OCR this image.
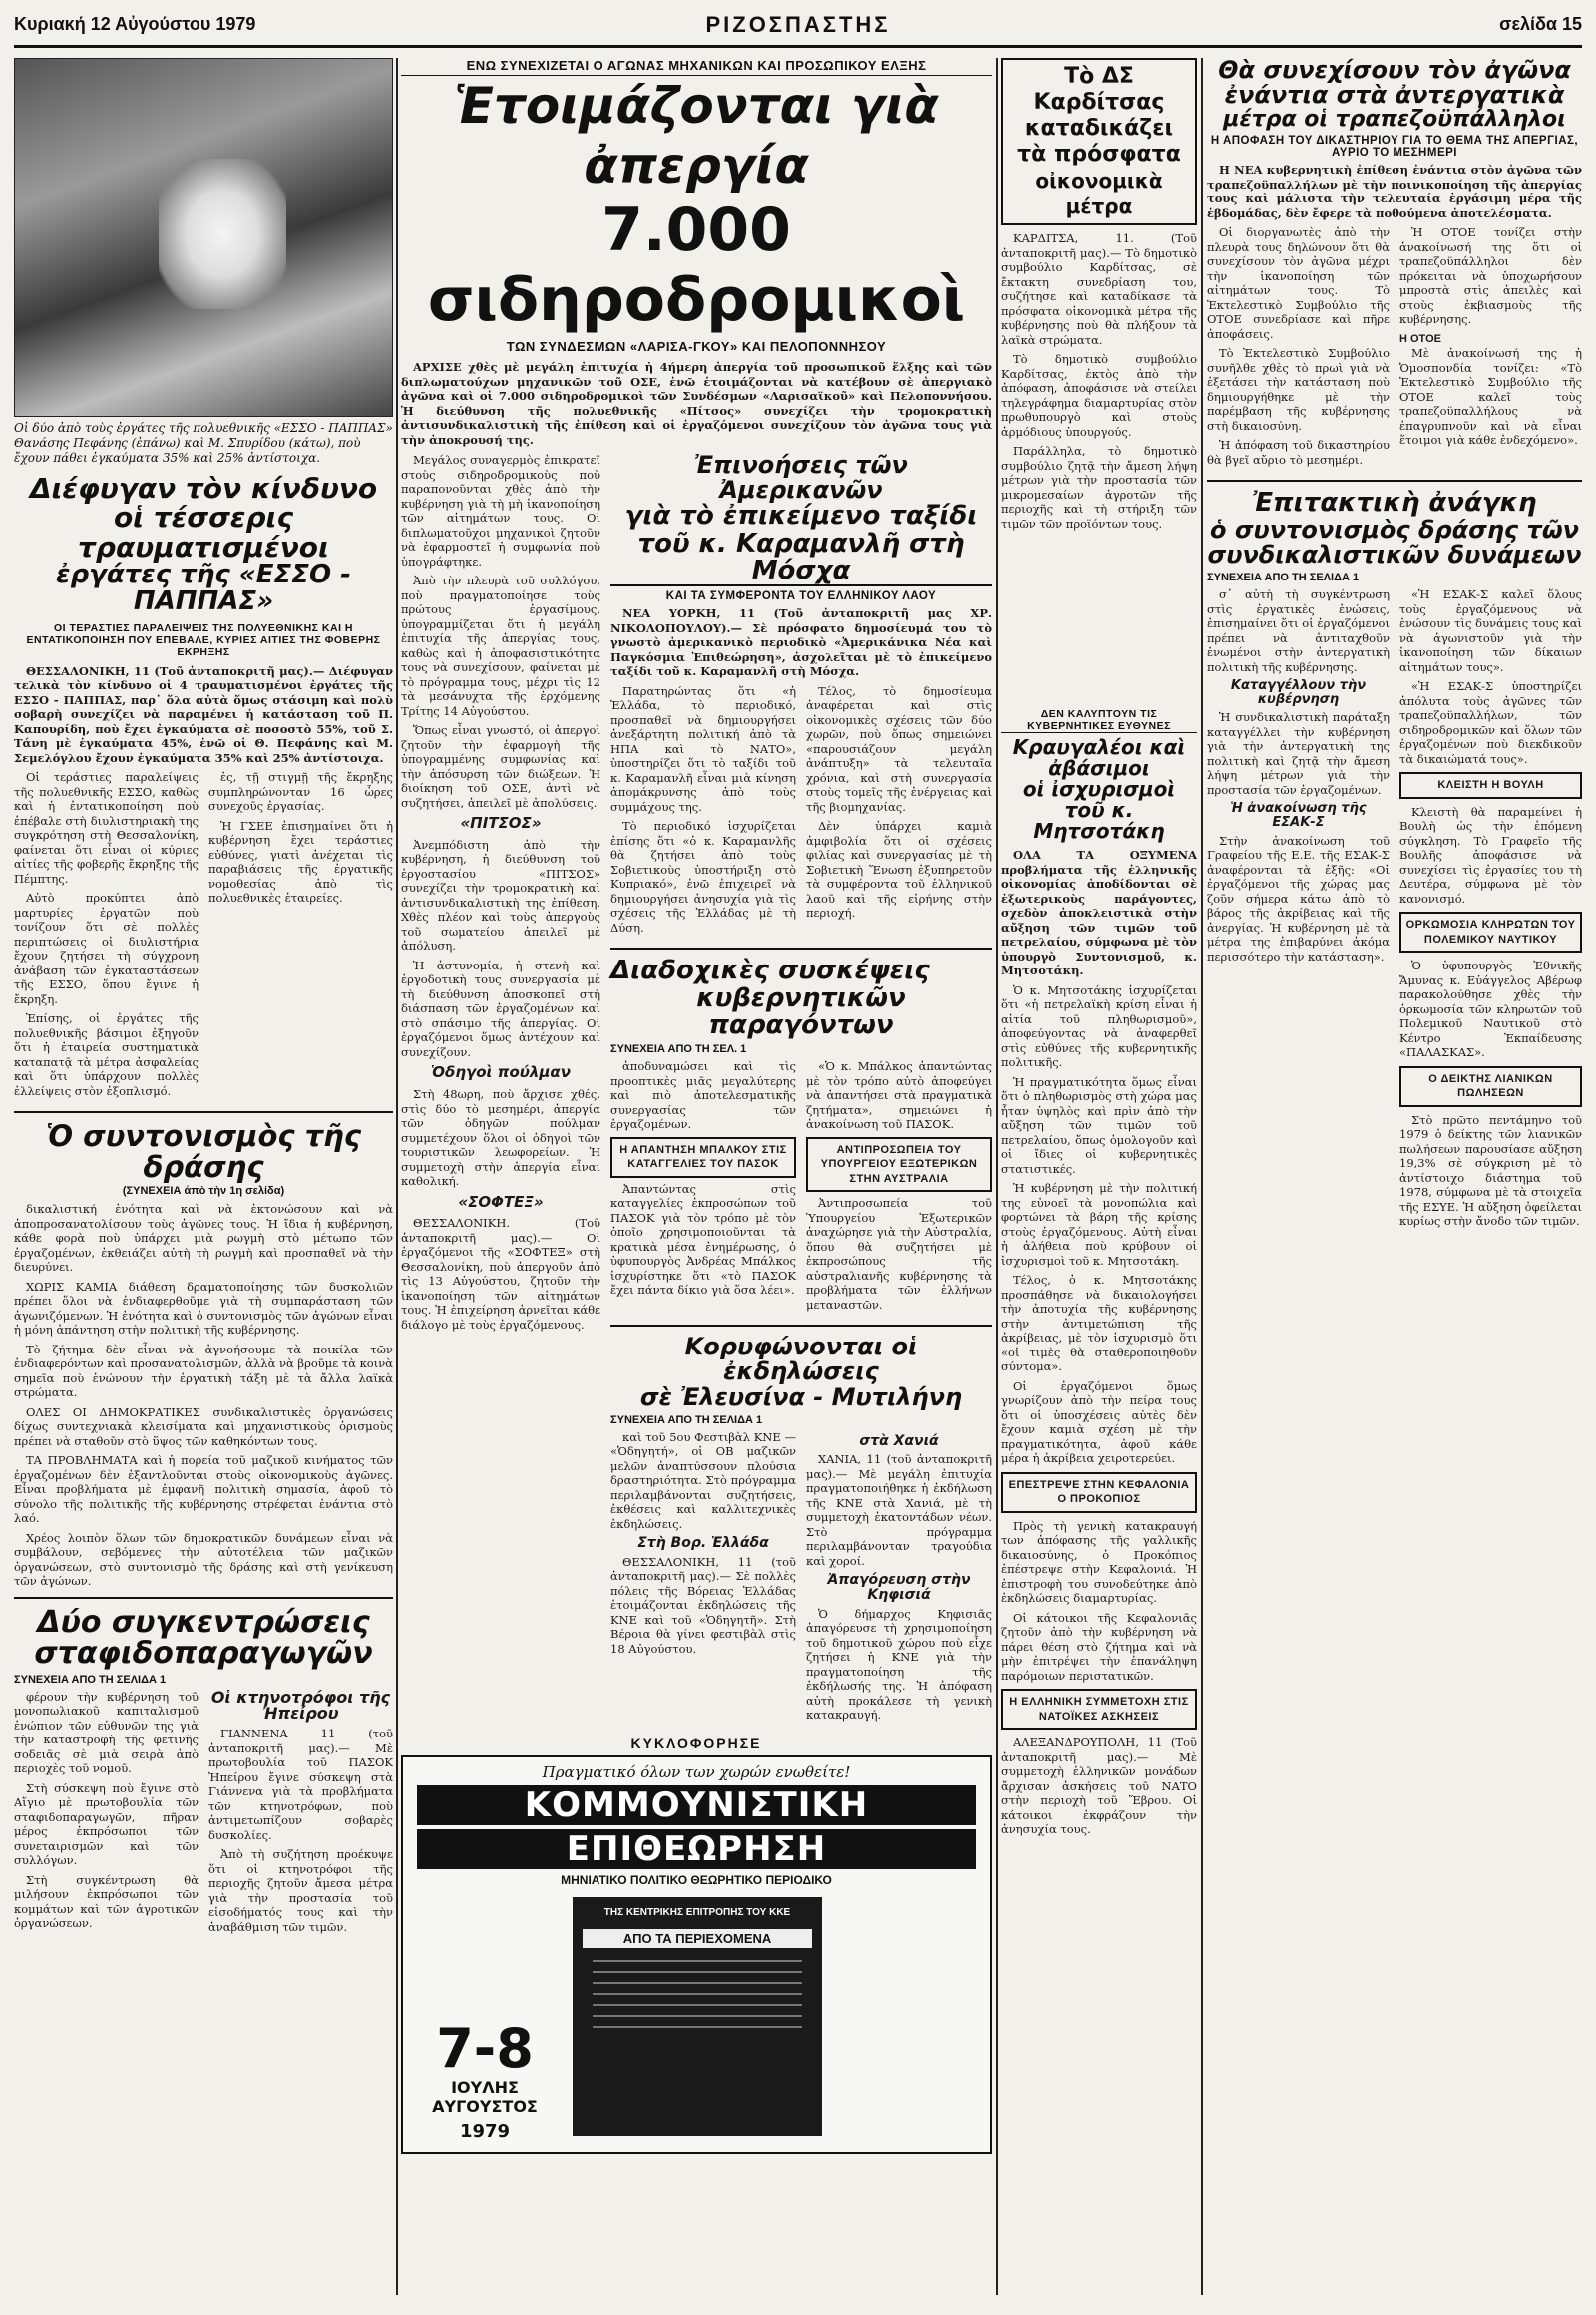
Κυριακή 12 Αὐγούστου 1979	ΡΙΖΟΣΠΑΣΤΗΣ	σελίδα 15
Οἱ δύο ἀπὸ τοὺς ἐργάτες τῆς πολυεθνικῆς «ΕΣΣΟ - ΠΑΠΠΑΣ» Θανάσης Πεφάνης (ἐπάνω) καὶ Μ. Σπυρίδου (κάτω), ποὺ ἔχουν πάθει ἐγκαύματα 35% καὶ 25% ἀντίστοιχα.
Διέφυγαν τὸν κίνδυνο
οἱ τέσσερις τραυματισμένοι
ἐργάτες τῆς «ΕΣΣΟ - ΠΑΠΠΑΣ»
ΟΙ ΤΕΡΑΣΤΙΕΣ ΠΑΡΑΛΕΙΨΕΙΣ ΤΗΣ ΠΟΛΥΕΘΝΙΚΗΣ ΚΑΙ Η ΕΝΤΑΤΙΚΟΠΟΙΗΣΗ ΠΟΥ ΕΠΕΒΑΛΕ, ΚΥΡΙΕΣ ΑΙΤΙΕΣ ΤΗΣ ΦΟΒΕΡΗΣ ΕΚΡΗΞΗΣ

ΘΕΣΣΑΛΟΝΙΚΗ, 11 (Τοῦ ἀνταποκριτῆ μας).— Διέφυγαν τελικὰ τὸν κίνδυνο οἱ 4 τραυματισμένοι ἐργάτες τῆς ΕΣΣΟ - ΠΑΠΠΑΣ, παρ᾽ ὅλα αὐτὰ ὅμως στάσιμη καὶ πολὺ σοβαρὴ συνεχίζει νὰ παραμένει ἡ κατάσταση τοῦ Π. Καπουρίδη, ποὺ ἔχει ἐγκαύματα σὲ ποσοστὸ 55%, τοῦ Σ. Τάνη μὲ ἐγκαύματα 45%, ἐνῶ οἱ Θ. Πεφάνης καὶ Μ. Σεμελόγλου ἔχουν ἐγκαύματα 35% καὶ 25% ἀντίστοιχα.

Οἱ τεράστιες παραλείψεις τῆς πολυεθνικῆς ΕΣΣΟ, καθὼς καὶ ἡ ἐντατικοποίηση ποὺ ἐπέβαλε στὴ διυλιστηριακὴ της συγκρότηση στὴ Θεσσαλονίκη, φαίνεται ὅτι εἶναι οἱ κύριες αἰτίες τῆς φοβερῆς ἔκρηξης τῆς Πέμπτης.

Αὐτὸ προκύπτει ἀπὸ μαρτυρίες ἐργατῶν ποὺ τονίζουν ὅτι σὲ πολλὲς περιπτώσεις οἱ διυλιστήρια ἔχουν ζητήσει τὴ σύγχρονη ἀνάβαση τῶν ἐγκαταστάσεων τῆς ΕΣΣΟ, ὅπου ἔγινε ἡ ἔκρηξη.

Ἐπίσης, οἱ ἐργάτες τῆς πολυεθνικῆς βάσιμοι ἐξηγοῦν ὅτι ἡ ἐταιρεία συστηματικὰ καταπατᾷ τὰ μέτρα ἀσφαλείας καὶ ὅτι ὑπάρχουν πολλὲς ἐλλείψεις στὸν ἐξοπλισμό.

ἐς, τῇ στιγμῇ τῆς ἔκρηξης συμπληρώνονταν 16 ὧρες συνεχοῦς ἐργασίας.

Ἡ ΓΣΕΕ ἐπισημαίνει ὅτι ἡ κυβέρνηση ἔχει τεράστιες εὐθύνες, γιατὶ ἀνέχεται τὶς παραβιάσεις τῆς ἐργατικῆς νομοθεσίας ἀπὸ τὶς πολυεθνικὲς ἑταιρείες.

Ὁ συντονισμὸς τῆς δράσης
(ΣΥΝΕΧΕΙΑ ἀπὸ τὴν 1η σελίδα)

δικαλιστική ἑνότητα καὶ νὰ ἐκτονώσουν καὶ νὰ ἀποπροσανατολίσουν τοὺς ἀγῶνες τους. Ἡ ἴδια ἡ κυβέρνηση, κάθε φορὰ ποὺ ὑπάρχει μιὰ ρωγμὴ στὸ μέτωπο τῶν ἐργαζομένων, ἐκθειάζει αὐτὴ τὴ ρωγμὴ καὶ προσπαθεῖ νὰ τὴν διευρύνει.

ΧΩΡΙΣ ΚΑΜΙΑ διάθεση δραματοποίησης τῶν δυσκολιῶν πρέπει ὅλοι νὰ ἐνδιαφερθοῦμε γιὰ τὴ συμπαράσταση τῶν ἀγωνιζόμενων. Ἡ ἐνότητα καὶ ὁ συντονισμὸς τῶν ἀγώνων εἶναι ἡ μόνη ἀπάντηση στὴν πολιτικὴ τῆς κυβέρνησης.

Τὸ ζήτημα δὲν εἶναι νὰ ἀγνοήσουμε τὰ ποικίλα τῶν ἐνδιαφερόντων καὶ προσανατολισμῶν, ἀλλὰ νὰ βροῦμε τὰ κοινὰ σημεῖα ποὺ ἑνώνουν τὴν ἐργατικὴ τάξη μὲ τὰ ἄλλα λαϊκὰ στρώματα.

ΟΛΕΣ ΟΙ ΔΗΜΟΚΡΑΤΙΚΕΣ συνδικαλιστικὲς ὀργανώσεις δίχως συντεχνιακὰ κλεισίματα καὶ μηχανιστικοὺς ὁρισμοὺς πρέπει νὰ σταθοῦν στὸ ὕψος τῶν καθηκόντων τους.

ΤΑ ΠΡΟΒΛΗΜΑΤΑ καὶ ἡ πορεία τοῦ μαζικοῦ κινήματος τῶν ἐργαζομένων δὲν ἐξαντλοῦνται στοὺς οἰκονομικοὺς ἀγῶνες. Εἶναι προβλήματα μὲ ἐμφανῆ πολιτικὴ σημασία, ἀφοῦ τὸ σύνολο τῆς πολιτικῆς τῆς κυβέρνησης στρέφεται ἐνάντια στὸ λαό.

Χρέος λοιπὸν ὅλων τῶν δημοκρατικῶν δυνάμεων εἶναι νὰ συμβάλουν, σεβόμενες τὴν αὐτοτέλεια τῶν μαζικῶν ὀργανώσεων, στὸ συντονισμὸ τῆς δράσης καὶ στὴ γενίκευση τῶν ἀγώνων.

Δύο συγκεντρώσεις
σταφιδοπαραγωγῶν
ΣΥΝΕΧΕΙΑ ΑΠΟ ΤΗ ΣΕΛΙΔΑ 1

φέρουν τὴν κυβέρνηση τοῦ μονοπωλιακοῦ καπιταλισμοῦ ἐνώπιον τῶν εὐθυνῶν της γιὰ τὴν καταστροφὴ τῆς φετινῆς σοδειᾶς σὲ μιὰ σειρὰ ἀπὸ περιοχὲς τοῦ νομοῦ.

Στὴ σύσκεψη ποὺ ἔγινε στὸ Αἴγιο μὲ πρωτοβουλία τῶν σταφιδοπαραγωγῶν, πῆραν μέρος ἐκπρόσωποι τῶν συνεταιρισμῶν καὶ τῶν συλλόγων.

Στὴ συγκέντρωση θὰ μιλήσουν ἐκπρόσωποι τῶν κομμάτων καὶ τῶν ἀγροτικῶν ὀργανώσεων.

Οἱ κτηνοτρόφοι τῆς Ἠπείρου

ΓΙΑΝΝΕΝΑ 11 (τοῦ ἀνταποκριτῆ μας).— Μὲ πρωτοβουλία τοῦ ΠΑΣΟΚ Ἠπείρου ἔγινε σύσκεψη στὰ Γιάννενα γιὰ τὰ προβλήματα τῶν κτηνοτρόφων, ποὺ ἀντιμετωπίζουν σοβαρὲς δυσκολίες.

Ἀπὸ τὴ συζήτηση προέκυψε ὅτι οἱ κτηνοτρόφοι τῆς περιοχῆς ζητοῦν ἄμεσα μέτρα γιὰ τὴν προστασία τοῦ εἰσοδήματός τους καὶ τὴν ἀναβάθμιση τῶν τιμῶν.

ΕΝΩ ΣΥΝΕΧΙΖΕΤΑΙ Ο ΑΓΩΝΑΣ ΜΗΧΑΝΙΚΩΝ ΚΑΙ ΠΡΟΣΩΠΙΚΟΥ ΕΛΞΗΣ
Ἑτοιμάζονται γιὰ ἀπεργία
7.000 σιδηροδρομικοὶ
ΤΩΝ ΣΥΝΔΕΣΜΩΝ «ΛΑΡΙΣΑ-ΓΚΟΥ» ΚΑΙ ΠΕΛΟΠΟΝΝΗΣΟΥ

ΑΡΧΙΣΕ χθὲς μὲ μεγάλη ἐπιτυχία ἡ 4ήμερη ἀπεργία τοῦ προσωπικοῦ ἕλξης καὶ τῶν διπλωματούχων μηχανικῶν τοῦ ΟΣΕ, ἐνῶ ἑτοιμάζονται νὰ κατέβουν σὲ ἀπεργιακὸ ἀγῶνα καὶ οἱ 7.000 σιδηροδρομικοὶ τῶν Συνδέσμων «Λαρισαϊκοῦ» καὶ Πελοποννήσου. Ἡ διεύθυνση τῆς πολυεθνικῆς «Πίτσος» συνεχίζει τὴν τρομοκρατικὴ ἀντισυνδικαλιστικὴ τῆς ἐπίθεση καὶ οἱ ἐργαζόμενοι συνεχίζουν τὸν ἀγῶνα τους γιὰ τὴν ἀποκρουσή της.

Μεγάλος συναγερμὸς ἐπικρατεῖ στοὺς σιδηροδρομικοὺς ποὺ παραπονοῦνται χθὲς ἀπὸ τὴν κυβέρνηση γιὰ τὴ μὴ ἱκανοποίηση τῶν αἰτημάτων τους. Οἱ διπλωματοῦχοι μηχανικοὶ ζητοῦν νὰ ἐφαρμοστεῖ ἡ συμφωνία ποὺ ὑπογράφτηκε.

Ἀπὸ τὴν πλευρὰ τοῦ συλλόγου, ποὺ πραγματοποίησε τοὺς πρώτους ἐργασίμους, ὑπογραμμίζεται ὅτι ἡ μεγάλη ἐπιτυχία τῆς ἀπεργίας τους, καθὼς καὶ ἡ ἀποφασιστικότητα τους νὰ συνεχίσουν, φαίνεται μὲ τὸ πρόγραμμα τους, μέχρι τὶς 12 τὰ μεσάνυχτα τῆς ἐρχόμενης Τρίτης 14 Αὐγούστου.

Ὅπως εἶναι γνωστό, οἱ ἀπεργοὶ ζητοῦν τὴν ἐφαρμογὴ τῆς ὑπογραμμένης συμφωνίας καὶ τὴν ἀπόσυρση τῶν διώξεων. Ἡ διοίκηση τοῦ ΟΣΕ, ἀντὶ νὰ συζητήσει, ἀπειλεῖ μὲ ἀπολύσεις.

«ΠΙΤΣΟΣ»

Ἀνεμπόδιστη ἀπὸ τὴν κυβέρνηση, ἡ διεύθυνση τοῦ ἐργοστασίου «ΠΙΤΣΟΣ» συνεχίζει τὴν τρομοκρατικὴ καὶ ἀντισυνδικαλιστικὴ της ἐπίθεση. Χθὲς πλέον καὶ τοὺς ἀπεργοὺς τοῦ σωματείου ἀπειλεῖ μὲ ἀπόλυση.

Ἡ ἀστυνομία, ἡ στενὴ καὶ ἐργοδοτικὴ τους συνεργασία μὲ τὴ διεύθυνση ἀποσκοπεῖ στὴ διάσπαση τῶν ἐργαζομένων καὶ στὸ σπάσιμο τῆς ἀπεργίας. Οἱ ἐργαζόμενοι ὅμως ἀντέχουν καὶ συνεχίζουν.

Ὁδηγοὶ πούλμαν

Στὴ 48ωρη, ποὺ ἄρχισε χθές, στὶς δύο τὸ μεσημέρι, ἀπεργία τῶν ὁδηγῶν πούλμαν συμμετέχουν ὅλοι οἱ ὁδηγοὶ τῶν τουριστικῶν λεωφορείων. Ἡ συμμετοχὴ στὴν ἀπεργία εἶναι καθολική.

«ΣΟΦΤΕΞ»

ΘΕΣΣΑΛΟΝΙΚΗ. (Τοῦ ἀνταποκριτῆ μας).— Οἱ ἐργαζόμενοι τῆς «ΣΟΦΤΕΞ» στὴ Θεσσαλονίκη, ποὺ ἀπεργοῦν ἀπὸ τὶς 13 Αὐγούστου, ζητοῦν τὴν ἱκανοποίηση τῶν αἰτημάτων τους. Ἡ ἐπιχείρηση ἀρνεῖται κάθε διάλογο μὲ τοὺς ἐργαζόμενους.

Ἐπινοήσεις τῶν Ἀμερικανῶν
γιὰ τὸ ἐπικείμενο ταξίδι
τοῦ κ. Καραμανλῆ στὴ Μόσχα
ΚΑΙ ΤΑ ΣΥΜΦΕΡΟΝΤΑ ΤΟΥ ΕΛΛΗΝΙΚΟΥ ΛΑΟΥ

ΝΕΑ ΥΟΡΚΗ, 11 (Τοῦ ἀνταποκριτῆ μας ΧΡ. ΝΙΚΟΛΟΠΟΥΛΟΥ).— Σὲ πρόσφατο δημοσίευμά του τὸ γνωστὸ ἀμερικανικὸ περιοδικὸ «Ἀμερικάνικα Νέα καὶ Παγκόσμια Ἐπιθεώρηση», ἀσχολεῖται μὲ τὸ ἐπικείμενο ταξίδι τοῦ κ. Καραμανλῆ στὴ Μόσχα.

Παρατηρώντας ὅτι «ἡ Ἑλλάδα, τὸ περιοδικό, προσπαθεῖ νὰ δημιουργήσει ἀνεξάρτητη πολιτική ἀπὸ τὰ ΗΠΑ καὶ τὸ ΝΑΤΟ», ὑποστηρίζει ὅτι τὸ ταξίδι τοῦ κ. Καραμανλῆ εἶναι μιὰ κίνηση ἀπομάκρυνσης ἀπὸ τοὺς συμμάχους της.

Τὸ περιοδικό ἰσχυρίζεται ἐπίσης ὅτι «ὁ κ. Καραμανλῆς θὰ ζητήσει ἀπὸ τοὺς Σοβιετικοὺς ὑποστήριξη στὸ Κυπριακό», ἐνῶ ἐπιχειρεῖ νὰ δημιουργήσει ἀνησυχία γιὰ τὶς σχέσεις τῆς Ἑλλάδας μὲ τὴ Δύση.

Τέλος, τὸ δημοσίευμα ἀναφέρεται καὶ στὶς οἰκονομικὲς σχέσεις τῶν δύο χωρῶν, ποὺ ὅπως σημειώνει «παρουσιάζουν μεγάλη ἀνάπτυξη» τὰ τελευταῖα χρόνια, καὶ στὴ συνεργασία στοὺς τομεῖς τῆς ἐνέργειας καὶ τῆς βιομηχανίας.

Δὲν ὑπάρχει καμιὰ ἀμφιβολία ὅτι οἱ σχέσεις φιλίας καὶ συνεργασίας μὲ τὴ Σοβιετικὴ Ἕνωση ἐξυπηρετοῦν τὰ συμφέροντα τοῦ ἑλληνικοῦ λαοῦ καὶ τῆς εἰρήνης στὴν περιοχή.

Διαδοχικὲς συσκέψεις
κυβερνητικῶν παραγόντων
ΣΥΝΕΧΕΙΑ ΑΠΟ ΤΗ ΣΕΛ. 1

ἀποδυναμώσει καὶ τὶς προοπτικὲς μιᾶς μεγαλύτερης καὶ πιὸ ἀποτελεσματικῆς συνεργασίας τῶν ἐργαζομένων.

Η ΑΠΑΝΤΗΣΗ ΜΠΑΛΚΟΥ ΣΤΙΣ ΚΑΤΑΓΓΕΛΙΕΣ ΤΟΥ ΠΑΣΟΚ

Ἀπαντώντας στὶς καταγγελίες ἐκπροσώπων τοῦ ΠΑΣΟΚ γιὰ τὸν τρόπο μὲ τὸν ὁποῖο χρησιμοποιοῦνται τὰ κρατικὰ μέσα ἐνημέρωσης, ὁ ὑφυπουργὸς Ἀνδρέας Μπάλκος ἰσχυρίστηκε ὅτι «τὸ ΠΑΣΟΚ ἔχει πάντα δίκιο γιὰ ὅσα λέει».

«Ὁ κ. Μπάλκος ἀπαντώντας μὲ τὸν τρόπο αὐτὸ ἀποφεύγει νὰ ἀπαντήσει στὰ πραγματικὰ ζητήματα», σημειώνει ἡ ἀνακοίνωση τοῦ ΠΑΣΟΚ.

ΑΝΤΙΠΡΟΣΩΠΕΙΑ ΤΟΥ ΥΠΟΥΡΓΕΙΟΥ ΕΞΩΤΕΡΙΚΩΝ ΣΤΗΝ ΑΥΣΤΡΑΛΙΑ

Ἀντιπροσωπεία τοῦ Ὑπουργείου Ἐξωτερικῶν ἀναχώρησε γιὰ τὴν Αὐστραλία, ὅπου θὰ συζητήσει μὲ ἐκπροσώπους τῆς αὐστραλιανῆς κυβέρνησης τὰ προβλήματα τῶν ἑλλήνων μεταναστῶν.

Κορυφώνονται οἱ ἐκδηλώσεις
σὲ Ἐλευσίνα - Μυτιλήνη
ΣΥΝΕΧΕΙΑ ΑΠΟ ΤΗ ΣΕΛΙΔΑ 1

καὶ τοῦ 5ου Φεστιβὰλ ΚΝΕ — «Ὁδηγητή», οἱ ΟΒ μαζικῶν μελῶν ἀναπτύσσουν πλούσια δραστηριότητα. Στὸ πρόγραμμα περιλαμβάνονται συζητήσεις, ἐκθέσεις καὶ καλλιτεχνικὲς ἐκδηλώσεις.

Στὴ Βορ. Ἑλλάδα

ΘΕΣΣΑΛΟΝΙΚΗ, 11 (τοῦ ἀνταποκριτῆ μας).— Σὲ πολλὲς πόλεις τῆς Βόρειας Ἑλλάδας ἑτοιμάζονται ἐκδηλώσεις τῆς ΚΝΕ καὶ τοῦ «Ὁδηγητῆ». Στὴ Βέροια θὰ γίνει φεστιβὰλ στὶς 18 Αὐγούστου.

στὰ Χανιά

ΧΑΝΙΑ, 11 (τοῦ ἀνταποκριτῆ μας).— Μὲ μεγάλη ἐπιτυχία πραγματοποιήθηκε ἡ ἐκδήλωση τῆς ΚΝΕ στὰ Χανιά, μὲ τὴ συμμετοχὴ ἑκατοντάδων νέων. Στὸ πρόγραμμα περιλαμβάνονταν τραγούδια καὶ χοροί.

Ἀπαγόρευση στὴν Κηφισιά

Ὁ δήμαρχος Κηφισιᾶς ἀπαγόρευσε τὴ χρησιμοποίηση τοῦ δημοτικοῦ χώρου ποὺ εἶχε ζητήσει ἡ ΚΝΕ γιὰ τὴν πραγματοποίηση τῆς ἐκδήλωσής της. Ἡ ἀπόφαση αὐτὴ προκάλεσε τὴ γενικὴ κατακραυγή.

ΚΥΚΛΟΦΟΡΗΣΕ
Πραγματικό όλων των χωρών ενωθείτε!
ΚΟΜΜΟΥΝΙΣΤΙΚΗ
ΕΠΙΘΕΩΡΗΣΗ
ΜΗΝΙΑΤΙΚΟ ΠΟΛΙΤΙΚΟ ΘΕΩΡΗΤΙΚΟ ΠΕΡΙΟΔΙΚΟ
ΤΗΣ ΚΕΝΤΡΙΚΗΣ ΕΠΙΤΡΟΠΗΣ ΤΟΥ ΚΚΕ
ΑΠΟ ΤΑ ΠΕΡΙΕΧΟΜΕΝΑ
7-8
ΙΟΥΛΗΣ ΑΥΓΟΥΣΤΟΣ
1979
Τὸ ΔΣ Καρδίτσας
καταδικάζει
τὰ πρόσφατα
οἰκονομικὰ μέτρα

ΚΑΡΔΙΤΣΑ, 11. (Τοῦ ἀνταποκριτῆ μας).— Τὸ δημοτικὸ συμβούλιο Καρδίτσας, σὲ ἔκτακτη συνεδρίαση του, συζήτησε καὶ καταδίκασε τὰ πρόσφατα οἰκονομικὰ μέτρα τῆς κυβέρνησης ποὺ θὰ πλήξουν τὰ λαϊκὰ στρώματα.

Τὸ δημοτικὸ συμβούλιο Καρδίτσας, ἐκτὸς ἀπὸ τὴν ἀπόφαση, ἀποφάσισε νὰ στείλει τηλεγράφημα διαμαρτυρίας στὸν πρωθυπουργὸ καὶ στοὺς ἁρμόδιους ὑπουργούς.

Παράλληλα, τὸ δημοτικὸ συμβούλιο ζητᾷ τὴν ἄμεση λήψη μέτρων γιὰ τὴν προστασία τῶν μικρομεσαίων ἀγροτῶν τῆς περιοχῆς καὶ τὴ στήριξη τῶν τιμῶν τῶν προϊόντων τους.

ΔΕΝ ΚΑΛΥΠΤΟΥΝ ΤΙΣ ΚΥΒΕΡΝΗΤΙΚΕΣ ΕΥΘΥΝΕΣ
Κραυγαλέοι καὶ ἀβάσιμοι
οἱ ἰσχυρισμοὶ τοῦ κ. Μητσοτάκη

ΟΛΑ ΤΑ ΟΞΥΜΕΝΑ προβλήματα τῆς ἑλληνικῆς οἰκονομίας ἀποδίδονται σὲ ἐξωτερικοὺς παράγοντες, σχεδὸν ἀποκλειστικὰ στὴν αὔξηση τῶν τιμῶν τοῦ πετρελαίου, σύμφωνα μὲ τὸν ὑπουργὸ Συντονισμοῦ, κ. Μητσοτάκη.

Ὁ κ. Μητσοτάκης ἰσχυρίζεται ὅτι «ἡ πετρελαϊκὴ κρίση εἶναι ἡ αἰτία τοῦ πληθωρισμοῦ», ἀποφεύγοντας νὰ ἀναφερθεῖ στὶς εὐθύνες τῆς κυβερνητικῆς πολιτικῆς.

Ἡ πραγματικότητα ὅμως εἶναι ὅτι ὁ πληθωρισμὸς στὴ χώρα μας ἦταν ὑψηλὸς καὶ πρὶν ἀπὸ τὴν αὔξηση τῶν τιμῶν τοῦ πετρελαίου, ὅπως ὁμολογοῦν καὶ οἱ ἴδιες οἱ κυβερνητικὲς στατιστικές.

Ἡ κυβέρνηση μὲ τὴν πολιτική της εὐνοεῖ τὰ μονοπώλια καὶ φορτώνει τὰ βάρη τῆς κρίσης στοὺς ἐργαζόμενους. Αὐτὴ εἶναι ἡ ἀλήθεια ποὺ κρύβουν οἱ ἰσχυρισμοὶ τοῦ κ. Μητσοτάκη.

Τέλος, ὁ κ. Μητσοτάκης προσπάθησε νὰ δικαιολογήσει τὴν ἀποτυχία τῆς κυβέρνησης στὴν ἀντιμετώπιση τῆς ἀκρίβειας, μὲ τὸν ἰσχυρισμὸ ὅτι «οἱ τιμὲς θὰ σταθεροποιηθοῦν σύντομα».

Οἱ ἐργαζόμενοι ὅμως γνωρίζουν ἀπὸ τὴν πείρα τους ὅτι οἱ ὑποσχέσεις αὐτὲς δὲν ἔχουν καμιὰ σχέση μὲ τὴν πραγματικότητα, ἀφοῦ κάθε μέρα ἡ ἀκρίβεια χειροτερεύει.

ΕΠΕΣΤΡΕΨΕ ΣΤΗΝ ΚΕΦΑΛΟΝΙΑ Ο ΠΡΟΚΟΠΙΟΣ

Πρὸς τὴ γενικὴ κατακραυγή των ἀπόφασης τῆς γαλλικῆς δικαιοσύνης, ὁ Προκόπιος ἐπέστρεψε στὴν Κεφαλονιά. Ἡ ἐπιστροφὴ του συνοδεύτηκε ἀπὸ ἐκδηλώσεις διαμαρτυρίας.

Οἱ κάτοικοι τῆς Κεφαλονιᾶς ζητοῦν ἀπὸ τὴν κυβέρνηση νὰ πάρει θέση στὸ ζήτημα καὶ νὰ μὴν ἐπιτρέψει τὴν ἐπανάληψη παρόμοιων περιστατικῶν.

Η ΕΛΛΗΝΙΚΗ ΣΥΜΜΕΤΟΧΗ ΣΤΙΣ ΝΑΤΟΪΚΕΣ ΑΣΚΗΣΕΙΣ

ΑΛΕΞΑΝΔΡΟΥΠΟΛΗ, 11 (Τοῦ ἀνταποκριτῆ μας).— Μὲ συμμετοχὴ ἑλληνικῶν μονάδων ἄρχισαν ἀσκήσεις τοῦ ΝΑΤΟ στὴν περιοχὴ τοῦ Ἕβρου. Οἱ κάτοικοι ἐκφράζουν τὴν ἀνησυχία τους.

Θὰ συνεχίσουν τὸν ἀγῶνα
ἐνάντια στὰ ἀντεργατικὰ
μέτρα οἱ τραπεζοϋπάλληλοι
Η ΑΠΟΦΑΣΗ ΤΟΥ ΔΙΚΑΣΤΗΡΙΟΥ ΓΙΑ ΤΟ ΘΕΜΑ ΤΗΣ ΑΠΕΡΓΙΑΣ, ΑΥΡΙΟ ΤΟ ΜΕΣΗΜΕΡΙ

Η ΝΕΑ κυβερνητικὴ ἐπίθεση ἐνάντια στὸν ἀγῶνα τῶν τραπεζοϋπαλλήλων μὲ τὴν ποινικοποίηση τῆς ἀπεργίας τους καὶ μάλιστα τὴν τελευταία ἐργάσιμη μέρα τῆς ἑβδομάδας, δὲν ἔφερε τὰ ποθούμενα ἀποτελέσματα.

Οἱ διοργανωτὲς ἀπὸ τὴν πλευρὰ τους δηλώνουν ὅτι θὰ συνεχίσουν τὸν ἀγῶνα μέχρι τὴν ἱκανοποίηση τῶν αἰτημάτων τους. Τὸ Ἐκτελεστικὸ Συμβούλιο τῆς ΟΤΟΕ συνεδρίασε καὶ πῆρε ἀποφάσεις.

Τὸ Ἐκτελεστικὸ Συμβούλιο συνῆλθε χθὲς τὸ πρωὶ γιὰ νὰ ἐξετάσει τὴν κατάσταση ποὺ δημιουργήθηκε μὲ τὴν παρέμβαση τῆς κυβέρνησης στὴ δικαιοσύνη.

Ἡ ἀπόφαση τοῦ δικαστηρίου θὰ βγεῖ αὔριο τὸ μεσημέρι.

Ἡ ΟΤΟΕ τονίζει στὴν ἀνακοίνωσή της ὅτι οἱ τραπεζοϋπάλληλοι δὲν πρόκειται νὰ ὑποχωρήσουν μπροστὰ στὶς ἀπειλὲς καὶ στοὺς ἐκβιασμοὺς τῆς κυβέρνησης.

Η ΟΤΟΕ

Μὲ ἀνακοίνωσή της ἡ Ὁμοσπονδία τονίζει: «Τὸ Ἐκτελεστικὸ Συμβούλιο τῆς ΟΤΟΕ καλεῖ τοὺς τραπεζοϋπαλλήλους νὰ ἐπαγρυπνοῦν καὶ νὰ εἶναι ἕτοιμοι γιὰ κάθε ἐνδεχόμενο».

Ἐπιτακτικὴ ἀνάγκη
ὁ συντονισμὸς δράσης τῶν
συνδικαλιστικῶν δυνάμεων
ΣΥΝΕΧΕΙΑ ΑΠΟ ΤΗ ΣΕΛΙΔΑ 1

σ᾽ αὐτὴ τὴ συγκέντρωση στὶς ἐργατικὲς ἐνώσεις, ἐπισημαίνει ὅτι οἱ ἐργαζόμενοι πρέπει νὰ ἀντιταχθοῦν ἑνωμένοι στὴν ἀντεργατικὴ πολιτικὴ τῆς κυβέρνησης.

Καταγγέλλουν τὴν κυβέρνηση

Ἡ συνδικαλιστικὴ παράταξη καταγγέλλει τὴν κυβέρνηση γιὰ τὴν ἀντεργατικὴ της πολιτικὴ καὶ ζητᾷ τὴν ἄμεση λήψη μέτρων γιὰ τὴν προστασία τῶν ἐργαζομένων.

Ἡ ἀνακοίνωση τῆς ΕΣΑΚ-Σ

Στὴν ἀνακοίνωση τοῦ Γραφείου τῆς Ε.Ε. τῆς ΕΣΑΚ-Σ ἀναφέρονται τὰ ἑξῆς: «Οἱ ἐργαζόμενοι τῆς χώρας μας ζοῦν σήμερα κάτω ἀπὸ τὸ βάρος τῆς ἀκρίβειας καὶ τῆς ἀνεργίας. Ἡ κυβέρνηση μὲ τὰ μέτρα της ἐπιβαρύνει ἀκόμα περισσότερο τὴν κατάσταση».

«Ἡ ΕΣΑΚ-Σ καλεῖ ὅλους τοὺς ἐργαζόμενους νὰ ἑνώσουν τὶς δυνάμεις τους καὶ νὰ ἀγωνιστοῦν γιὰ τὴν ἱκανοποίηση τῶν δίκαιων αἰτημάτων τους».

«Ἡ ΕΣΑΚ-Σ ὑποστηρίζει ἀπόλυτα τοὺς ἀγῶνες τῶν τραπεζοϋπαλλήλων, τῶν σιδηροδρομικῶν καὶ ὅλων τῶν ἐργαζομένων ποὺ διεκδικοῦν τὰ δικαιώματά τους».

ΚΛΕΙΣΤΗ Η ΒΟΥΛΗ

Κλειστὴ θὰ παραμείνει ἡ Βουλὴ ὡς τὴν ἐπόμενη σύγκληση. Τὸ Γραφεῖο τῆς Βουλῆς ἀποφάσισε νὰ συνεχίσει τὶς ἐργασίες του τὴ Δευτέρα, σύμφωνα μὲ τὸν κανονισμό.

ΟΡΚΩΜΟΣΙΑ ΚΛΗΡΩΤΩΝ ΤΟΥ ΠΟΛΕΜΙΚΟΥ ΝΑΥΤΙΚΟΥ

Ὁ ὑφυπουργὸς Ἐθνικῆς Ἄμυνας κ. Εὐάγγελος Αβέρωφ παρακολούθησε χθὲς τὴν ὁρκωμοσία τῶν κληρωτῶν τοῦ Πολεμικοῦ Ναυτικοῦ στὸ Κέντρο Ἐκπαίδευσης «ΠΑΛΑΣΚΑΣ».

Ο ΔΕΙΚΤΗΣ ΛΙΑΝΙΚΩΝ ΠΩΛΗΣΕΩΝ

Στὸ πρῶτο πεντάμηνο τοῦ 1979 ὁ δείκτης τῶν λιανικῶν πωλήσεων παρουσίασε αὔξηση 19,3% σὲ σύγκριση μὲ τὸ ἀντίστοιχο διάστημα τοῦ 1978, σύμφωνα μὲ τὰ στοιχεῖα τῆς ΕΣΥΕ. Ἡ αὔξηση ὀφείλεται κυρίως στὴν ἄνοδο τῶν τιμῶν.
